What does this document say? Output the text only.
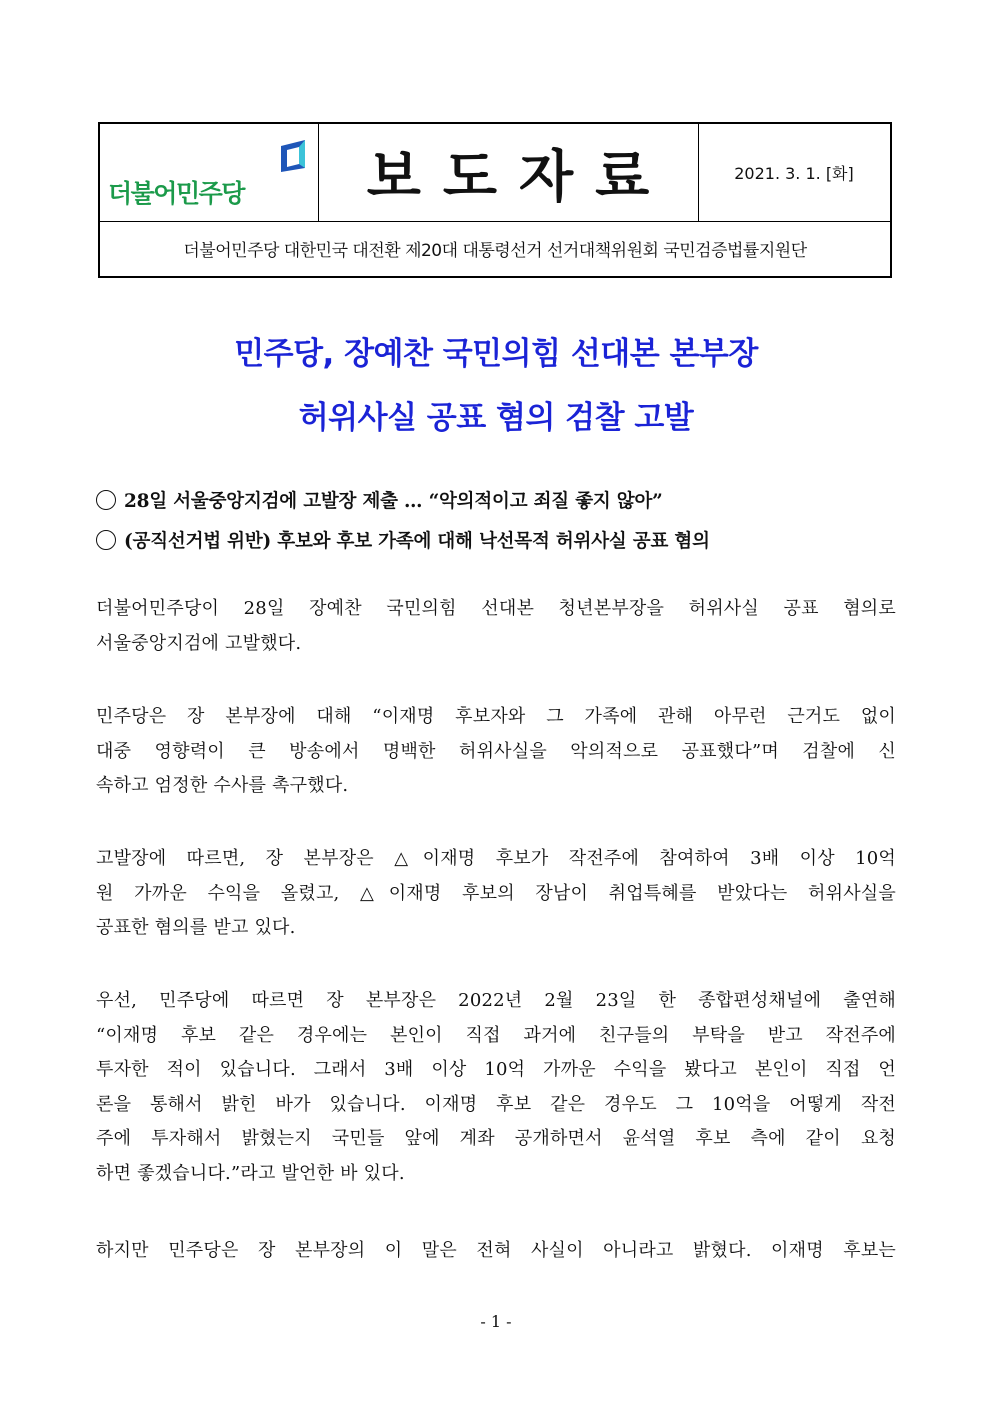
더불어민주당	보도자료	2021. 3. 1. [화]
더불어민주당 대한민국 대전환 제20대 대통령선거 선거대책위원회 국민검증법률지원단
민주당, 장예찬 국민의힘 선대본 본부장
허위사실 공표 혐의 검찰 고발
28일 서울중앙지검에 고발장 제출 … “악의적이고 죄질 좋지 않아”
(공직선거법 위반) 후보와 후보 가족에 대해 낙선목적 허위사실 공표 혐의
더불어민주당이 28일 장예찬 국민의힘 선대본 청년본부장을 허위사실 공표 혐의로
서울중앙지검에 고발했다.
민주당은 장 본부장에 대해 “이재명 후보자와 그 가족에 관해 아무런 근거도 없이
대중 영향력이 큰 방송에서 명백한 허위사실을 악의적으로 공표했다”며 검찰에 신
속하고 엄정한 수사를 촉구했다.
고발장에 따르면, 장 본부장은 △이재명 후보가 작전주에 참여하여 3배 이상 10억
원 가까운 수익을 올렸고, △이재명 후보의 장남이 취업특혜를 받았다는 허위사실을
공표한 혐의를 받고 있다.
우선, 민주당에 따르면 장 본부장은 2022년 2월 23일 한 종합편성채널에 출연해
“이재명 후보 같은 경우에는 본인이 직접 과거에 친구들의 부탁을 받고 작전주에
투자한 적이 있습니다. 그래서 3배 이상 10억 가까운 수익을 봤다고 본인이 직접 언
론을 통해서 밝힌 바가 있습니다. 이재명 후보 같은 경우도 그 10억을 어떻게 작전
주에 투자해서 밝혔는지 국민들 앞에 계좌 공개하면서 윤석열 후보 측에 같이 요청
하면 좋겠습니다.”라고 발언한 바 있다.
하지만 민주당은 장 본부장의 이 말은 전혀 사실이 아니라고 밝혔다. 이재명 후보는
- 1 -
